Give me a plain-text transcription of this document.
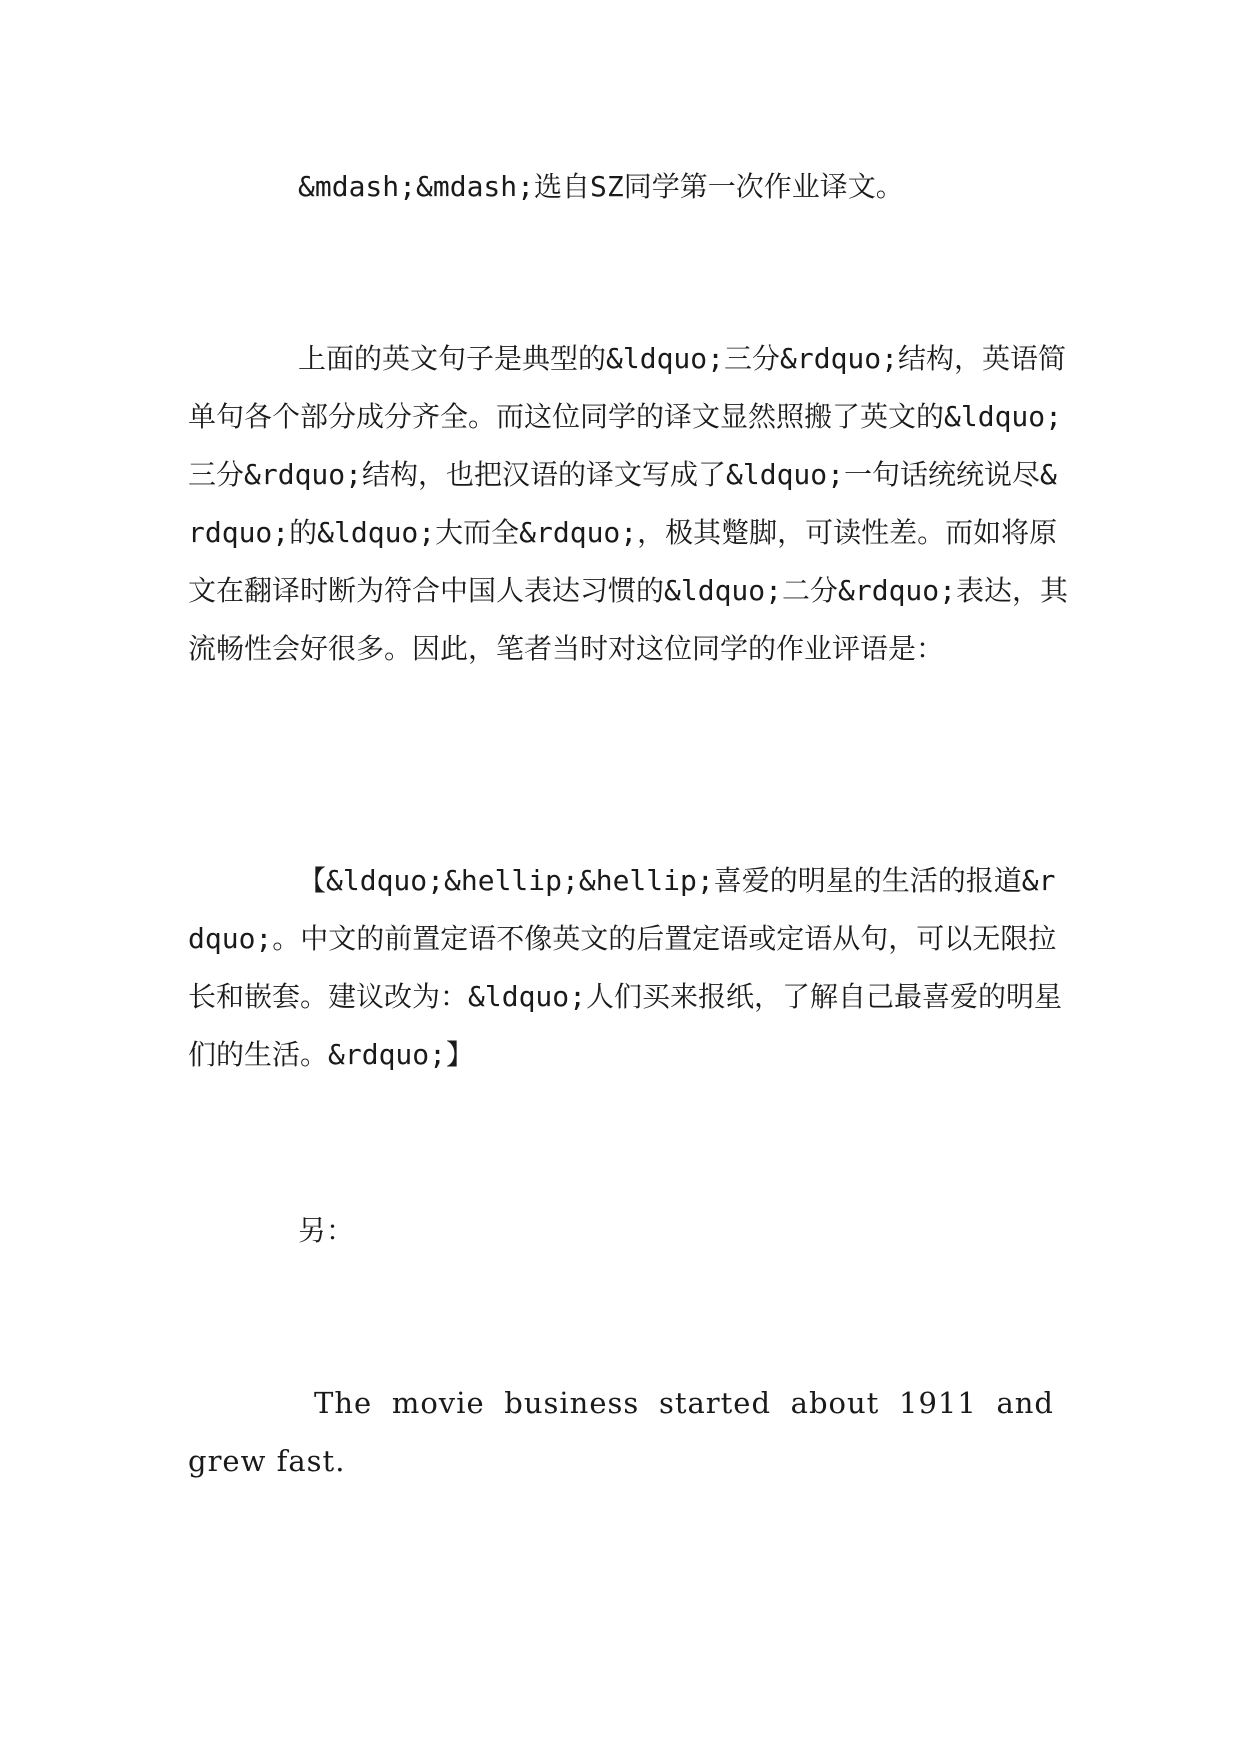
&mdash;&mdash;选自SZ同学第一次作业译文。

上面的英文句子是典型的&ldquo;三分&rdquo;结构，英语简单句各个部分成分齐全。而这位同学的译文显然照搬了英文的&ldquo;三分&rdquo;结构，也把汉语的译文写成了&ldquo;一句话统统说尽&rdquo;的&ldquo;大而全&rdquo;，极其蹩脚，可读性差。而如将原文在翻译时断为符合中国人表达习惯的&ldquo;二分&rdquo;表达，其流畅性会好很多。因此，笔者当时对这位同学的作业评语是：

【&ldquo;&hellip;&hellip;喜爱的明星的生活的报道&rdquo;。中文的前置定语不像英文的后置定语或定语从句，可以无限拉长和嵌套。建议改为：&ldquo;人们买来报纸，了解自己最喜爱的明星们的生活。&rdquo;】

另：

The movie business started about 1911 and grew fast.
